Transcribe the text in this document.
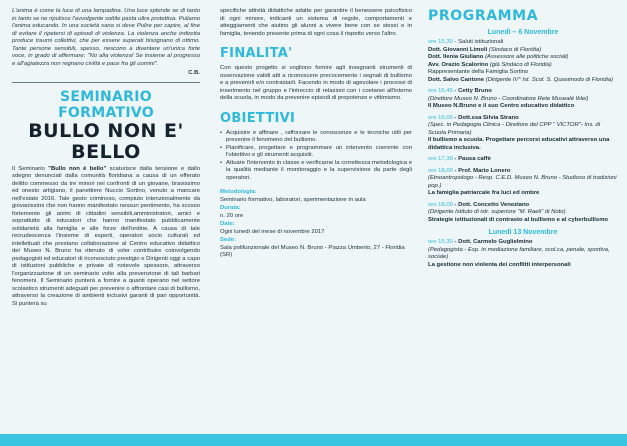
L'anima è come la luce di una lampadina. Una luce splende se di tanto in tanto se ne ripulisce l'avvolgente sottile pasta ultra protettiva. Puliamo l'anima educando. In una società sana si deve Pulire per capire, al fine di evitare il ripetersi di episodi di violenza. La violenza anche indiretta produce traumi collettivi, che per essere superati bisognano di ottimo. Tante persone sensibili, spesso, riescono a diventare un'unica forte voce, in grado di affermare: "No alla violenza! Se insieme al progresso e all'agiatezza non regnano civiltà e pace fra gli uomini".

C.B.

SEMINARIO FORMATIVO
BULLO NON E' BELLO

Il Seminario "Bullo non è bello" scaturisce dalla tensione e dallo sdegno denunciati dalla comunità floridiana a causa di un efferato delitto commesso da tre minori nei confronti di un giovane, bravissimo ed onesto artigiano, il panettiere Nuccio Sortino, venuto a mancare nell'estate 2016. Tale gesto criminoso, compiuto intenzionalmente da giovanissimi che non hanno manifestato nessun pentimento, ha scosso fortemente gli animi di cittadini sensibili,amministratori, amici e soprattutto di educatori che hanno manifestato pubblicamente solidarietà alla famiglia e alle forze dell'ordine. A causa di tale recrudescenza l'insieme di esperti, operatori socio culturali ed intellettuali che prestano collaborazione al Centro educativo didattico del Museo N. Bruno ha ritenuto di voler contribuire coinvolgendo pedagogisti ed educatori di riconosciuto prestigio e Dirigenti oggi a capo di istituzioni pubbliche e private di notevole spessore, attraverso l'organizzazione di un seminario volto alla prevenzione di tali barbari fenomeni. Il Seminario punterà a fornire a quanti operano nel settore scolastico strumenti adeguati per prevenire o affrontare casi di bullismo, attraverso la creazione di ambienti inclusivi garanti di pari opportunità. Si punterà su

specifiche attività didattiche adatte per garantire il benessere psicofisico di ogni minore, indicanti un sistema di regole, comportamenti e atteggiamenti che aiutino gli alunni a vivere bene con se stessi e in famiglia, tenendo presente prima di ogni cosa il rispetto verso l'altro.

FINALITA'

Con questo progetto si vogliono fornire agli insegnanti strumenti di osservazione validi atti a riconoscere precocemente i segnali di bullismo e a prevenirli e/o contrastarli. Facendo in modo di agevolare i processi di inserimento nel gruppo e l'intreccio di relazioni con i coetanei all'interno della scuola, in modo da prevenire episodi di prepotenze e vittimismo.

OBIETTIVI
• Acquisire e affinare , rafforzare le conoscenze e le tecniche utili per prevenire il fenomeno del bullismo.
• Pianificare, progettare e programmare un intervento coerente con l'obiettivo e gli strumenti acquisiti.
• Attuare l'intervento in classe e verificarne la correttezza metodologica e la qualità mediante il monitoraggio e la supervisione da parte degli operatori.
Metodologia:
Seminario formativo, laboratori, sperimentazione in aula
Durata:
n. 20 ore
Date:
Ogni lunedì del mese di novembre 2017
Sede:
Sala polifunzionale del Museo N. Bruno - Piazza Umberto, 27 - Floridia (SR)
PROGRAMMA
Lunedì – 6 Novembre
ore 15,30 - Saluti istituzionali
Dott. Giovanni Limoli (Sindaco di Floridia)
Dott. Ilenia Giuliano (Assessore alle politiche sociali)
Avv. Orazio Scalorino (già Sindaco di Floridia)
Rappresentante della Famiglia Sortino
Dott. Salvo Cantone (Dirigente IV° Ist. Scol. S. Quasimodo di Floridia)
ore 15,45 - Cetty Bruno
(Direttore Museo N. Bruno - Coordinatore Rete Musealé Iblei)
Il Museo N.Bruno e il suo Centro educativo didattico
ore 16,00 - Dott.ssa Silvia Strano
(Spec. in Pedagogia Clinica - Direttore del CPP " VICTOR"- Ins. di Scuola Primaria)
Il bullismo a scuola. Progettare percorsi educativi attraverso una didattica inclusiva.
ore 17,30 - Pausa caffè
ore 18,00 - Prof. Mario Lonero
(Etnoantropologo - Resp. C.E.D. Museo N. Bruno - Studioso di tradizioni pop.)
La famiglia patriarcale fra luci ed ombre
ore 18,00 - Dott. Concetto Veneziano
(Dirigente Istituto di istr. superiore "M. Raeli" di Noto)
Strategie istituzionali di contrasto al bullismo e al cyberbullismo
Lunedì 13 Novembre
ore 15,30 - Dott. Carmelo Guglielmino
(Pedagogista - Esp. in mediazione familiare, scol.ca, penale, sportiva, sociale)
La gestione non violenta dei conflitti interpersonali
